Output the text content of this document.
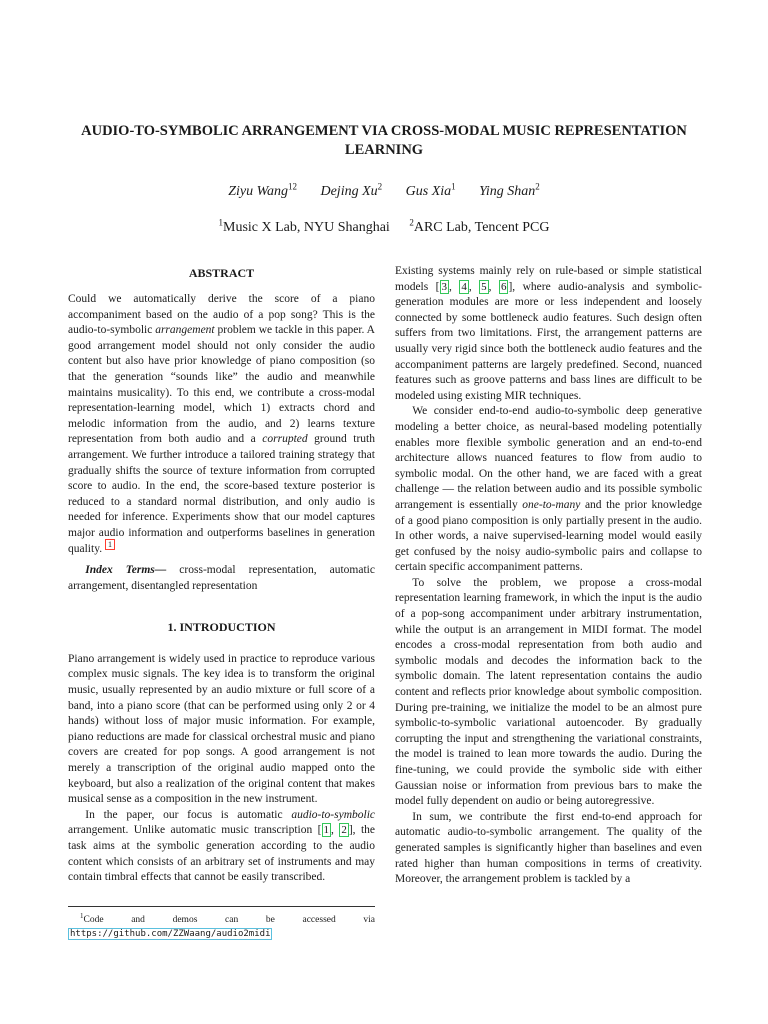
AUDIO-TO-SYMBOLIC ARRANGEMENT VIA CROSS-MODAL MUSIC REPRESENTATION
LEARNING
Ziyu Wang$^{12}$ Dejing Xu$^2$ Gus Xia$^1$ Ying Shan$^2$
$^1$Music X Lab, NYU Shanghai $^2$ARC Lab, Tencent PCG
ABSTRACT

Could we automatically derive the score of a piano accompaniment based on the audio of a pop song? This is the audio-to-symbolic arrangement problem we tackle in this paper. A good arrangement model should not only consider the audio content but also have prior knowledge of piano composition (so that the generation “sounds like” the audio and meanwhile maintains musicality). To this end, we contribute a cross-modal representation-learning model, which 1) extracts chord and melodic information from the audio, and 2) learns texture representation from both audio and a corrupted ground truth arrangement. We further introduce a tailored training strategy that gradually shifts the source of texture information from corrupted score to audio. In the end, the score-based texture posterior is reduced to a standard normal distribution, and only audio is needed for inference. Experiments show that our model captures major audio information and outperforms baselines in generation quality. $^1$

Index Terms— cross-modal representation, automatic arrangement, disentangled representation

1. INTRODUCTION

Piano arrangement is widely used in practice to reproduce various complex music signals. The key idea is to transform the original music, usually represented by an audio mixture or full score of a band, into a piano score (that can be performed using only 2 or 4 hands) without loss of major music information. For example, piano reductions are made for classical orchestral music and piano covers are created for pop songs. A good arrangement is not merely a transcription of the original audio mapped onto the keyboard, but also a realization of the original content that makes musical sense as a composition in the new instrument.

In the paper, our focus is automatic audio-to-symbolic arrangement. Unlike automatic music transcription [ 1 , 2 ], the task aims at the symbolic generation according to the audio content which consists of an arbitrary set of instruments and may contain timbral effects that cannot be easily transcribed.

Existing systems mainly rely on rule-based or simple statistical models [ 3 , 4 , 5 , 6 ], where audio-analysis and symbolic-generation modules are more or less independent and loosely connected by some bottleneck audio features. Such design often suffers from two limitations. First, the arrangement patterns are usually very rigid since both the bottleneck audio features and the accompaniment patterns are largely predefined. Second, nuanced features such as groove patterns and bass lines are difficult to be modeled using existing MIR techniques.

We consider end-to-end audio-to-symbolic deep generative modeling a better choice, as neural-based modeling potentially enables more flexible symbolic generation and an end-to-end architecture allows nuanced features to flow from audio to symbolic modal. On the other hand, we are faced with a great challenge — the relation between audio and its possible symbolic arrangement is essentially one-to-many and the prior knowledge of a good piano composition is only partially present in the audio. In other words, a naive supervised-learning model would easily get confused by the noisy audio-symbolic pairs and collapse to certain specific accompaniment patterns.

To solve the problem, we propose a cross-modal representation learning framework, in which the input is the audio of a pop-song accompaniment under arbitrary instrumentation, while the output is an arrangement in MIDI format. The model encodes a cross-modal representation from both audio and symbolic modals and decodes the information back to the symbolic domain. The latent representation contains the audio content and reflects prior knowledge about symbolic composition. During pre-training, we initialize the model to be an almost pure symbolic-to-symbolic variational autoencoder. By gradually corrupting the input and strengthening the variational constraints, the model is trained to lean more towards the audio. During the fine-tuning, we could provide the symbolic side with either Gaussian noise or information from previous bars to make the model fully dependent on audio or being autoregressive.

In sum, we contribute the first end-to-end approach for automatic audio-to-symbolic arrangement. The quality of the generated samples is significantly higher than baselines and even rated higher than human compositions in terms of creativity. Moreover, the arrangement problem is tackled by a

$^1$Code and demos can be accessed via https://github.com/ZZWaang/audio2midi
